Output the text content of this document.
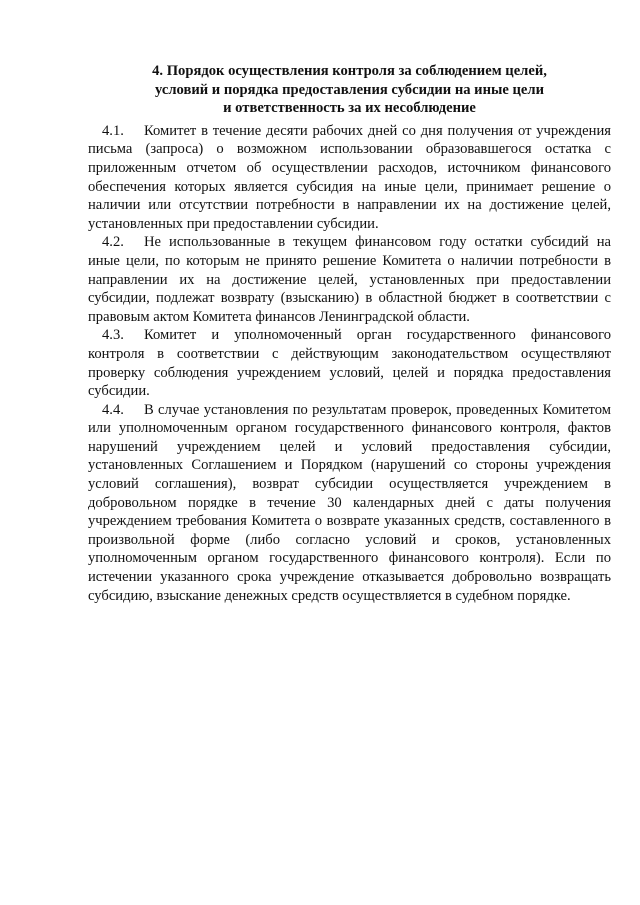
4. Порядок осуществления контроля за соблюдением целей,
условий и порядка предоставления субсидии на иные цели
и ответственность за их несоблюдение

4.1. Комитет в течение десяти рабочих дней со дня получения от учреждения письма (запроса) о возможном использовании образовавшегося остатка с приложенным отчетом об осуществлении расходов, источником финансового обеспечения которых является субсидия на иные цели, принимает решение о наличии или отсутствии потребности в направлении их на достижение целей, установленных при предоставлении субсидии.

4.2. Не использованные в текущем финансовом году остатки субсидий на иные цели, по которым не принято решение Комитета о наличии потребности в направлении их на достижение целей, установленных при предоставлении субсидии, подлежат возврату (взысканию) в областной бюджет в соответствии с правовым актом Комитета финансов Ленинградской области.

4.3. Комитет и уполномоченный орган государственного финансового контроля в соответствии с действующим законодательством осуществляют проверку соблюдения учреждением условий, целей и порядка предоставления субсидии.

4.4. В случае установления по результатам проверок, проведенных Комитетом или уполномоченным органом государственного финансового контроля, фактов нарушений учреждением целей и условий предоставления субсидии, установленных Соглашением и Порядком (нарушений со стороны учреждения условий соглашения), возврат субсидии осуществляется учреждением в добровольном порядке в течение 30 календарных дней с даты получения учреждением требования Комитета о возврате указанных средств, составленного в произвольной форме (либо согласно условий и сроков, установленных уполномоченным органом государственного финансового контроля). Если по истечении указанного срока учреждение отказывается добровольно возвращать субсидию, взыскание денежных средств осуществляется в судебном порядке.
